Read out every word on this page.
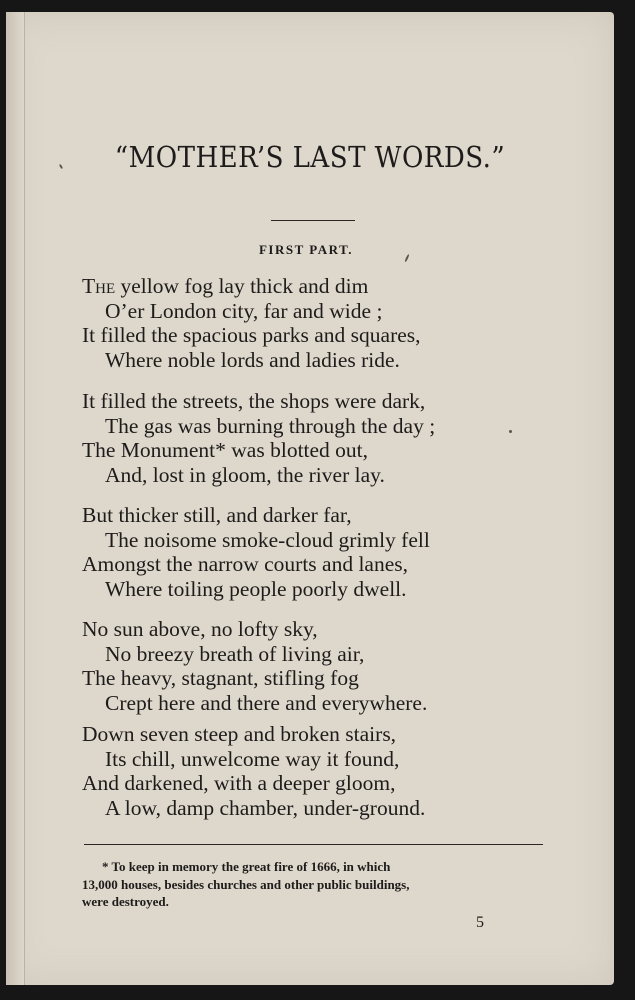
“MOTHER’S LAST WORDS.”
FIRST PART.
The yellow fog lay thick and dim
O’er London city, far and wide ;
It filled the spacious parks and squares,
Where noble lords and ladies ride.
It filled the streets, the shops were dark,
The gas was burning through the day ;
The Monument* was blotted out,
And, lost in gloom, the river lay.
But thicker still, and darker far,
The noisome smoke-cloud grimly fell
Amongst the narrow courts and lanes,
Where toiling people poorly dwell.
No sun above, no lofty sky,
No breezy breath of living air,
The heavy, stagnant, stifling fog
Crept here and there and everywhere.
Down seven steep and broken stairs,
Its chill, unwelcome way it found,
And darkened, with a deeper gloom,
A low, damp chamber, under-ground.
* To keep in memory the great fire of 1666, in which
13,000 houses, besides churches and other public buildings,
were destroyed.
5
